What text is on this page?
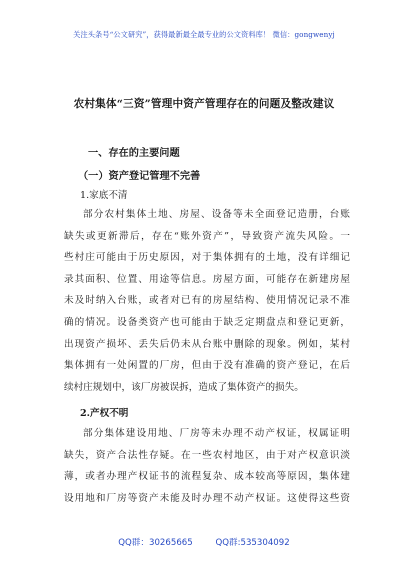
关注头条号“公文研究”，获得最新最全最专业的公文资料库！ 微信：gongwenyj
农村集体“三资”管理中资产管理存在的问题及整改建议
一、存在的主要问题
（一）资产登记管理不完善
1.家底不清
部分农村集体土地、房屋、设备等未全面登记造册，台账
缺失或更新滞后，存在“账外资产”，导致资产流失风险。一
些村庄可能由于历史原因，对于集体拥有的土地，没有详细记
录其面积、位置、用途等信息。房屋方面，可能存在新建房屋
未及时纳入台账，或者对已有的房屋结构、使用情况记录不准
确的情况。设备类资产也可能由于缺乏定期盘点和登记更新，
出现资产损坏、丢失后仍未从台账中删除的现象。例如，某村
集体拥有一处闲置的厂房，但由于没有准确的资产登记，在后
续村庄规划中，该厂房被误拆，造成了集体资产的损失。
2.产权不明
部分集体建设用地、厂房等未办理不动产权证，权属证明
缺失，资产合法性存疑。在一些农村地区，由于对产权意识淡
薄，或者办理产权证书的流程复杂、成本较高等原因，集体建
设用地和厂房等资产未能及时办理不动产权证。这使得这些资
QQ群：30265665	QQ群:535304092
